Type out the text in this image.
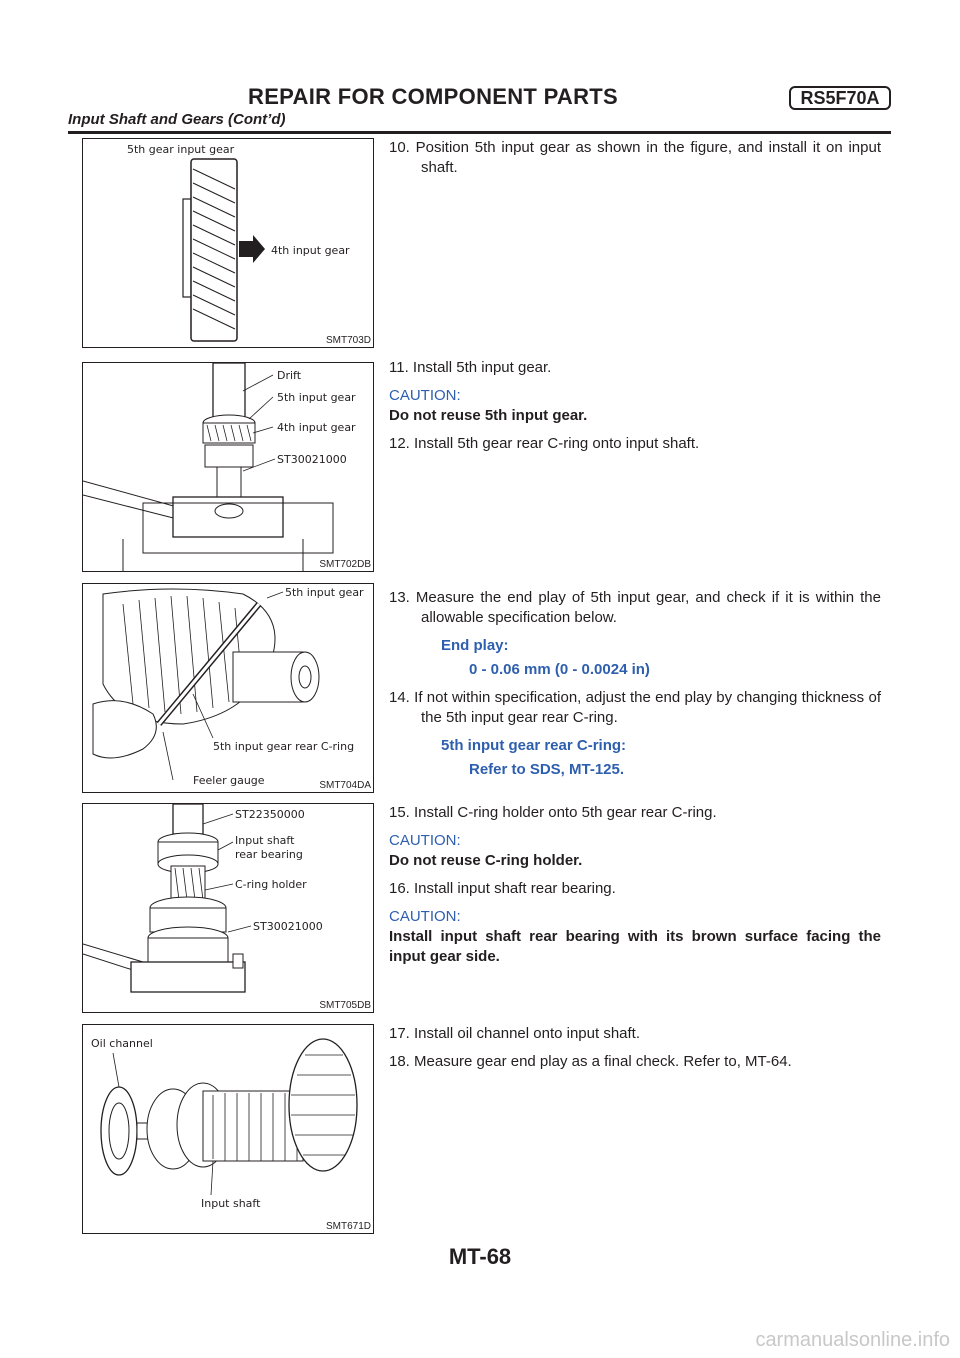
REPAIR FOR COMPONENT PARTS	RS5F70A
Input Shaft and Gears (Cont’d)
5th gear input gear
4th input gear
SMT703D
Drift
5th input gear
4th input gear
ST30021000
SMT702DB
5th input gear
5th input gear rear C-ring
Feeler gauge	SMT704DA
ST22350000
Input shaft
rear bearing
C-ring holder
ST30021000
SMT705DB
Oil channel
Input shaft
SMT671D

10. Position 5th input gear as shown in the figure, and install it on input shaft.

11. Install 5th input gear.

CAUTION:

Do not reuse 5th input gear.

12. Install 5th gear rear C-ring onto input shaft.

13. Measure the end play of 5th input gear, and check if it is within the allowable specification below.

End play:

0 - 0.06 mm (0 - 0.0024 in)

14. If not within specification, adjust the end play by changing thickness of the 5th input gear rear C-ring.

5th input gear rear C-ring:

Refer to SDS, MT-125.

15. Install C-ring holder onto 5th gear rear C-ring.

CAUTION:

Do not reuse C-ring holder.

16. Install input shaft rear bearing.

CAUTION:

Install input shaft rear bearing with its brown surface facing the input gear side.

17. Install oil channel onto input shaft.

18. Measure gear end play as a final check. Refer to, MT-64.

MT-68
carmanualsonline.info
